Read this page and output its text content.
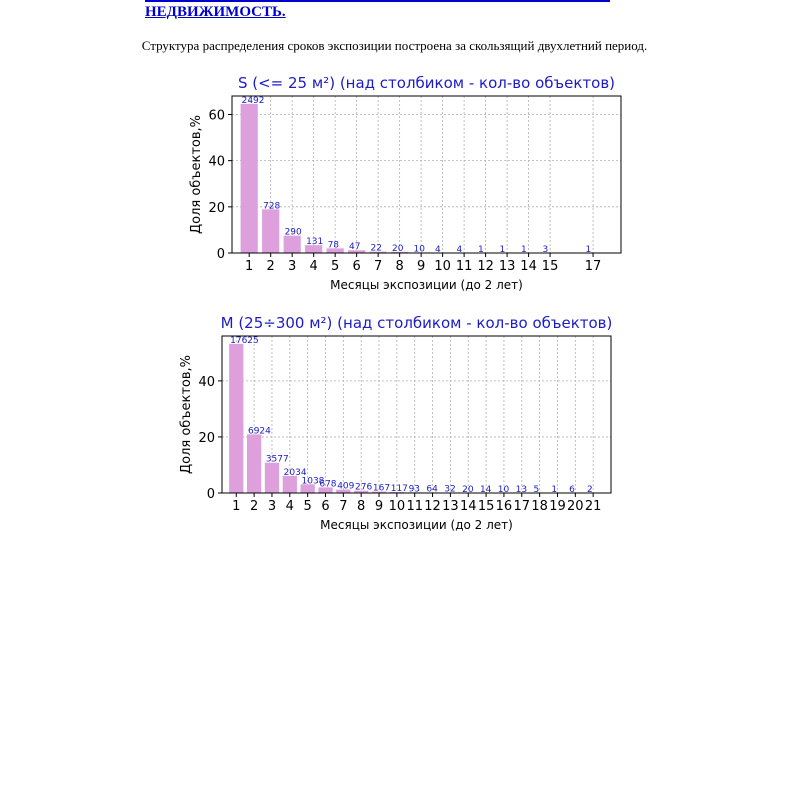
НЕДВИЖИМОСТЬ.
Структура распределения сроков экспозиции построена за скользящий двухлетний период.
S (<= 25 м²) (над столбиком - кол-во объектов)
2492
728
290
131 78 47 22 20 10 4 4 1 1 1 3	1
1 2 3 4 5 6 7 8 9 10 11 12 13 14 15 17
0
20
40
60
Месяцы экспозиции (до 2 лет)
Доля объектов,%
M (25÷300 м²) (над столбиком - кол-во объектов)
17625
6924
3577
2034
1038
678 409 276 167 117 93 64 32 20 14 10 13 5 1 6 2
1 2 3 4 5 6 7 8 9 10 11 12 13 14 15 16 17 18 19 20 21
0
20
40
Месяцы экспозиции (до 2 лет)
Доля объектов,%
